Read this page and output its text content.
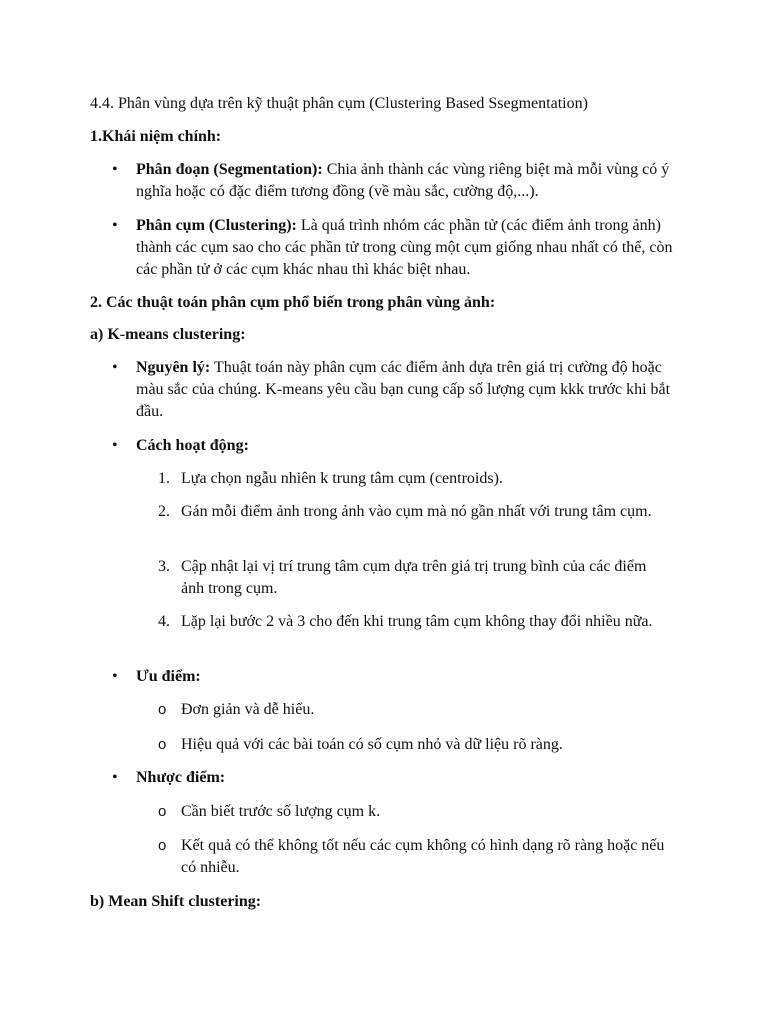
4.4. Phân vùng dựa trên kỹ thuật phân cụm (Clustering Based Ssegmentation)

1.Khái niệm chính:

• Phân đoạn (Segmentation): Chia ảnh thành các vùng riêng biệt mà mỗi vùng có ý nghĩa hoặc có đặc điểm tương đồng (về màu sắc, cường độ,...).
• Phân cụm (Clustering): Là quá trình nhóm các phần tử (các điểm ảnh trong ảnh) thành các cụm sao cho các phần tử trong cùng một cụm giống nhau nhất có thể, còn các phần tử ở các cụm khác nhau thì khác biệt nhau.

2. Các thuật toán phân cụm phổ biến trong phân vùng ảnh:

a) K-means clustering:

• Nguyên lý: Thuật toán này phân cụm các điểm ảnh dựa trên giá trị cường độ hoặc màu sắc của chúng. K-means yêu cầu bạn cung cấp số lượng cụm kkk trước khi bắt đầu.
• Cách hoạt động:
1. Lựa chọn ngẫu nhiên k trung tâm cụm (centroids).
2. Gán mỗi điểm ảnh trong ảnh vào cụm mà nó gần nhất với trung tâm cụm.
3. Cập nhật lại vị trí trung tâm cụm dựa trên giá trị trung bình của các điểm ảnh trong cụm.
4. Lặp lại bước 2 và 3 cho đến khi trung tâm cụm không thay đổi nhiều nữa.
• Ưu điểm:
o Đơn giản và dễ hiểu.
o Hiệu quả với các bài toán có số cụm nhỏ và dữ liệu rõ ràng.
• Nhược điểm:
o Cần biết trước số lượng cụm k.
o Kết quả có thể không tốt nếu các cụm không có hình dạng rõ ràng hoặc nếu có nhiễu.

b) Mean Shift clustering:
